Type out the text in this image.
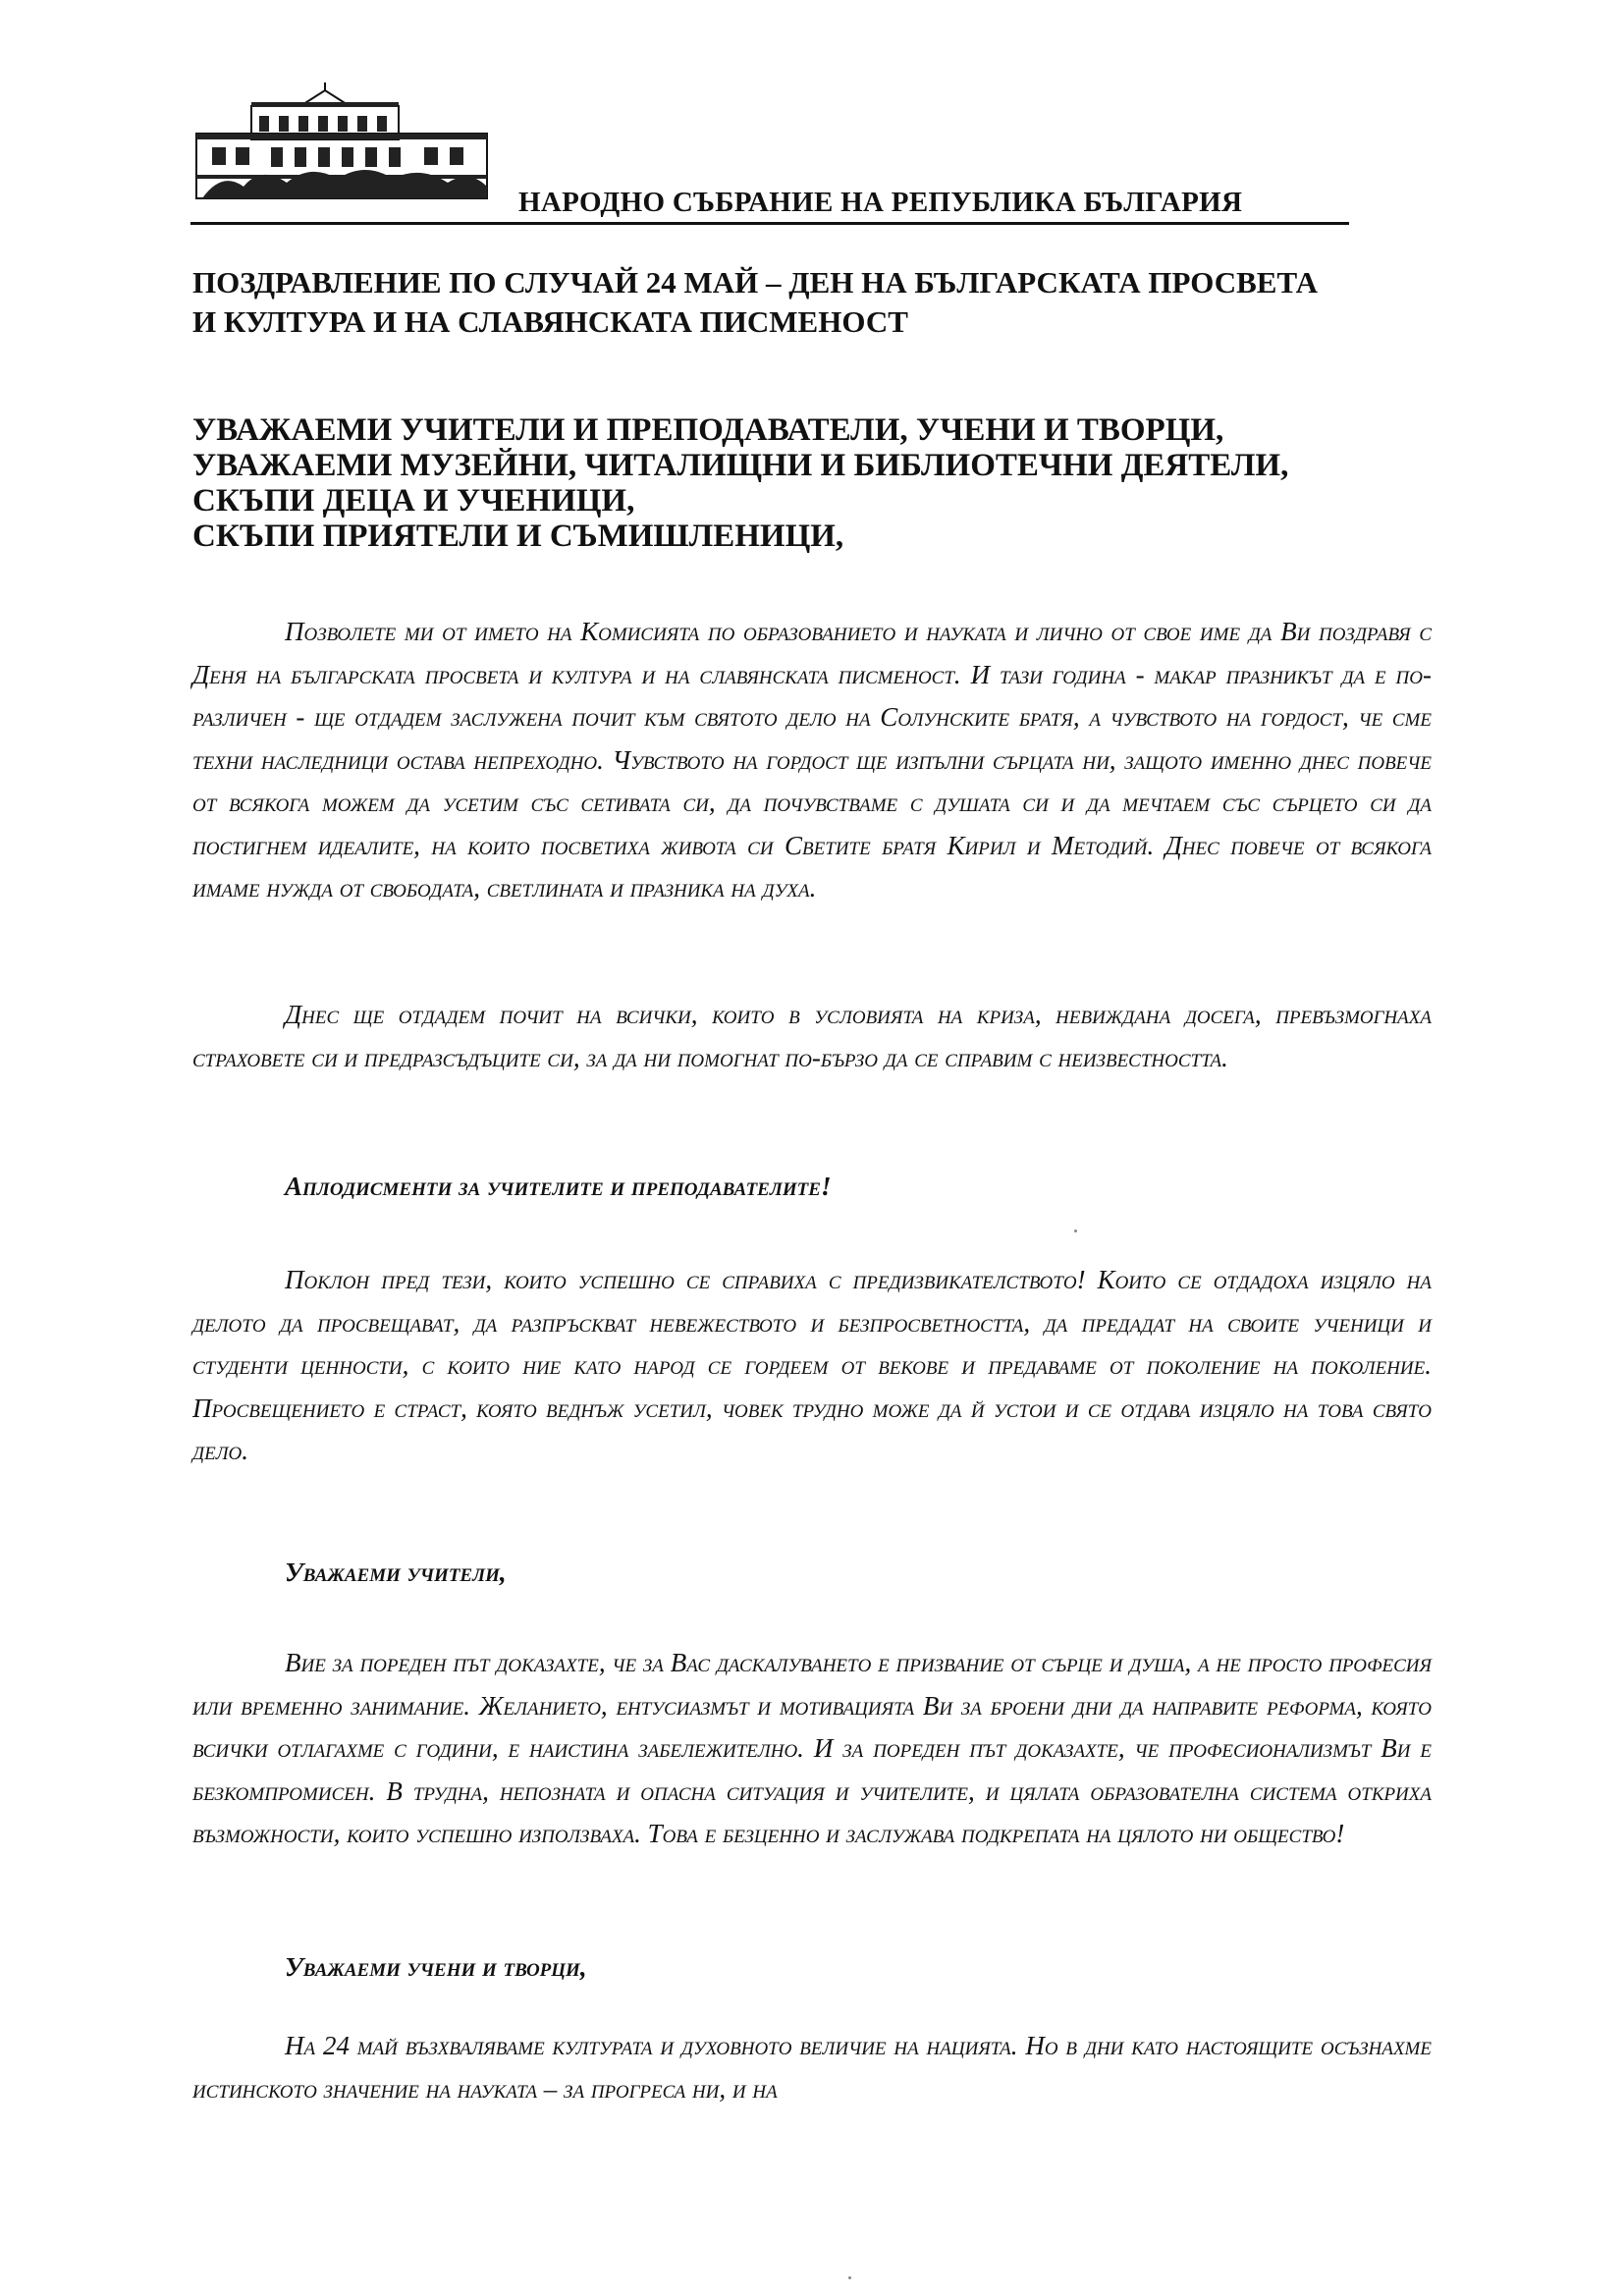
НАРОДНО СЪБРАНИЕ НА РЕПУБЛИКА БЪЛГАРИЯ
ПОЗДРАВЛЕНИЕ ПО СЛУЧАЙ 24 МАЙ – ДЕН НА БЪЛГАРСКАТА ПРОСВЕТА
И КУЛТУРА И НА СЛАВЯНСКАТА ПИСМЕНОСТ
УВАЖАЕМИ УЧИТЕЛИ И ПРЕПОДАВАТЕЛИ, УЧЕНИ И ТВОРЦИ,
УВАЖАЕМИ МУЗЕЙНИ, ЧИТАЛИЩНИ И БИБЛИОТЕЧНИ ДЕЯТЕЛИ,
СКЪПИ ДЕЦА И УЧЕНИЦИ,
СКЪПИ ПРИЯТЕЛИ И СЪМИШЛЕНИЦИ,

Позволете ми от името на Комисията по образованието и науката и лично от свое име да Ви поздравя с Деня на българската просвета и култура и на славянската писменост. И тази година - макар празникът да е по-различен - ще отдадем заслужена почит към святото дело на Солунските братя, а чувството на гордост, че сме техни наследници остава непреходно. Чувството на гордост ще изпълни сърцата ни, защото именно днес повече от всякога можем да усетим със сетивата си, да почувстваме с душата си и да мечтаем със сърцето си да постигнем идеалите, на които посветиха живота си Светите братя Кирил и Методий. Днес повече от всякога имаме нужда от свободата, светлината и празника на духа.

Днес ще отдадем почит на всички, които в условията на криза, невиждана досега, превъзмогнаха страховете си и предразсъдъците си, за да ни помогнат по-бързо да се справим с неизвестността.

Аплодисменти за учителите и преподавателите!

Поклон пред тези, които успешно се справиха с предизвикателството! Които се отдадоха изцяло на делото да просвещават, да разпръскват невежеството и безпросветността, да предадат на своите ученици и студенти ценности, с които ние като народ се гордеем от векове и предаваме от поколение на поколение. Просвещението е страст, която веднъж усетил, човек трудно може да й устои и се отдава изцяло на това свято дело.

Уважаеми учители,

Вие за пореден път доказахте, че за Вас даскалуването е призвание от сърце и душа, а не просто професия или временно занимание. Желанието, ентусиазмът и мотивацията Ви за броени дни да направите реформа, която всички отлагахме с години, е наистина забележително. И за пореден път доказахте, че професионализмът Ви е безкомпромисен. В трудна, непозната и опасна ситуация и учителите, и цялата образователна система откриха възможности, които успешно използваха. Това е безценно и заслужава подкрепата на цялото ни общество!

Уважаеми учени и творци,

На 24 май възхваляваме културата и духовното величие на нацията. Но в дни като настоящите осъзнахме истинското значение на науката – за прогреса ни, и на
